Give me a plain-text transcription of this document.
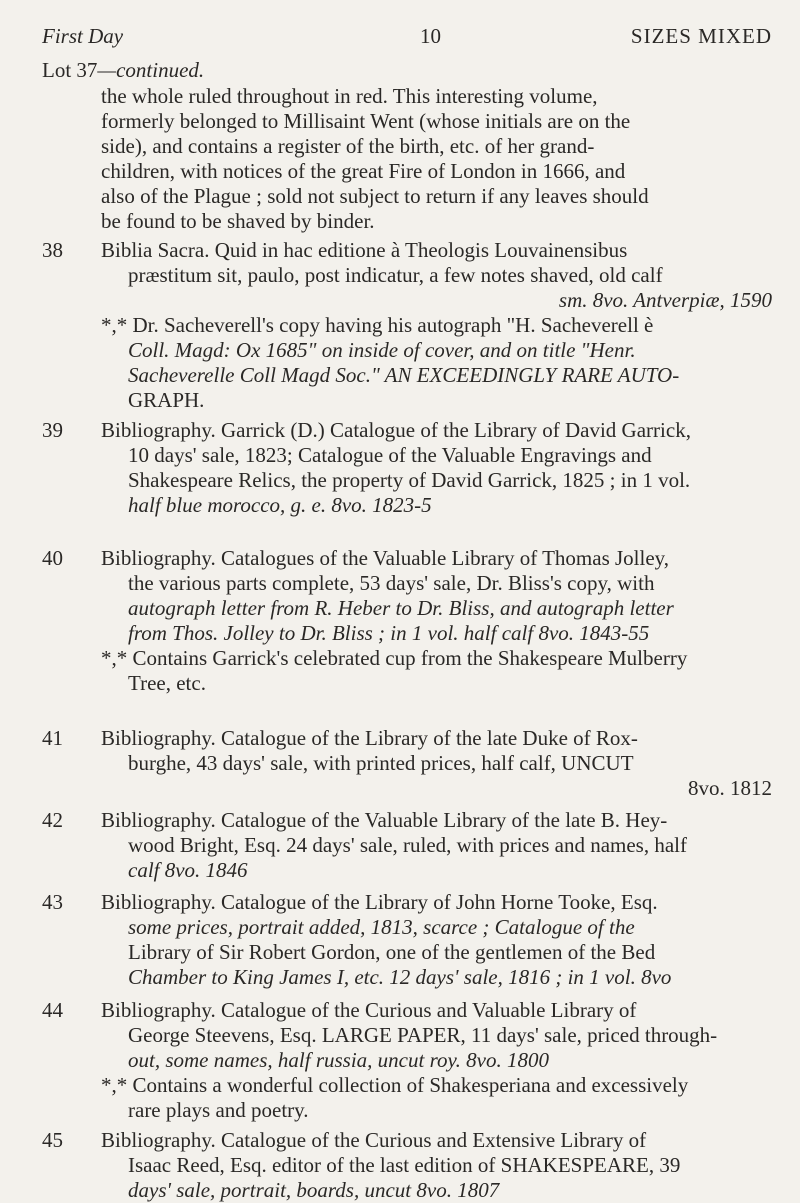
First Day	10	SIZES MIXED
Lot 37—continued.
the whole ruled throughout in red. This interesting volume,
formerly belonged to Millisaint Went (whose initials are on the
side), and contains a register of the birth, etc. of her grand-
children, with notices of the great Fire of London in 1666, and
also of the Plague ; sold not subject to return if any leaves should
be found to be shaved by binder.
38 Biblia Sacra. Quid in hac editione à Theologis Louvainensibus
præstitum sit, paulo, post indicatur, a few notes shaved, old calf
sm. 8vo. Antverpiæ, 1590
*,* Dr. Sacheverell's copy having his autograph "H. Sacheverell è
Coll. Magd: Ox 1685" on inside of cover, and on title "Henr.
Sacheverelle Coll Magd Soc." AN EXCEEDINGLY RARE AUTO-
GRAPH.
39 Bibliography. Garrick (D.) Catalogue of the Library of David Garrick,
10 days' sale, 1823; Catalogue of the Valuable Engravings and
Shakespeare Relics, the property of David Garrick, 1825 ; in 1 vol.
half blue morocco, g. e. 8vo. 1823-5
40 Bibliography. Catalogues of the Valuable Library of Thomas Jolley,
the various parts complete, 53 days' sale, Dr. Bliss's copy, with
autograph letter from R. Heber to Dr. Bliss, and autograph letter
from Thos. Jolley to Dr. Bliss ; in 1 vol. half calf 8vo. 1843-55
*,* Contains Garrick's celebrated cup from the Shakespeare Mulberry
Tree, etc.
41 Bibliography. Catalogue of the Library of the late Duke of Rox-
burghe, 43 days' sale, with printed prices, half calf, UNCUT
8vo. 1812
42 Bibliography. Catalogue of the Valuable Library of the late B. Hey-
wood Bright, Esq. 24 days' sale, ruled, with prices and names, half
calf 8vo. 1846
43 Bibliography. Catalogue of the Library of John Horne Tooke, Esq.
some prices, portrait added, 1813, scarce ; Catalogue of the
Library of Sir Robert Gordon, one of the gentlemen of the Bed
Chamber to King James I, etc. 12 days' sale, 1816 ; in 1 vol. 8vo
44 Bibliography. Catalogue of the Curious and Valuable Library of
George Steevens, Esq. LARGE PAPER, 11 days' sale, priced through-
out, some names, half russia, uncut roy. 8vo. 1800
*,* Contains a wonderful collection of Shakesperiana and excessively
rare plays and poetry.
45 Bibliography. Catalogue of the Curious and Extensive Library of
Isaac Reed, Esq. editor of the last edition of SHAKESPEARE, 39
days' sale, portrait, boards, uncut 8vo. 1807
